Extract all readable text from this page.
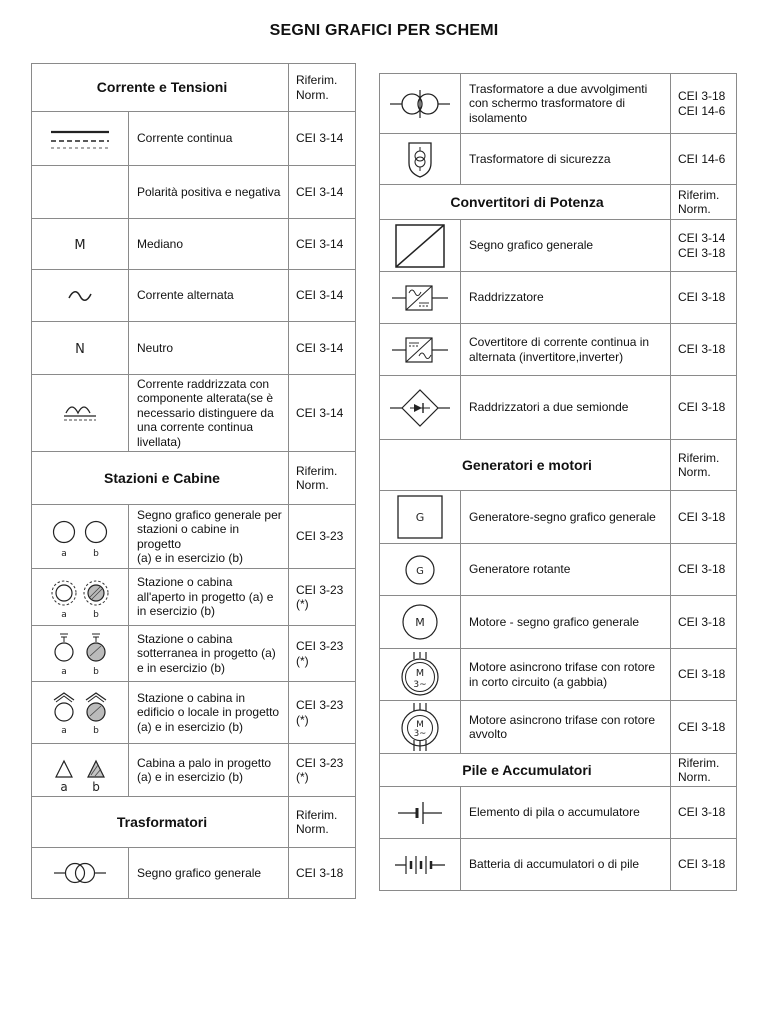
SEGNI GRAFICI PER SCHEMI
Corrente e Tensioni		Riferim.
Norm.

	Corrente continua	CEI 3-14
	Polarità positiva e negativa	CEI 3-14

M	Mediano	CEI 3-14

	Corrente alternata	CEI 3-14

N	Neutro	CEI 3-14

	Corrente raddrizzata con componente alterata(se è necessario distinguere da una corrente continua livellata)	CEI 3-14
Stazioni e Cabine		Riferim.
Norm.

a b	Segno grafico generale per stazioni o cabine in progetto
(a) e in esercizio (b)	CEI 3-23

a b	Stazione o cabina all'aperto in progetto (a) e in esercizio (b)	CEI 3-23
(*)

a b	Stazione o cabina sotterranea in progetto (a) e in esercizio (b)	CEI 3-23
(*)

a b	Stazione o cabina in edificio o locale in progetto (a) e in esercizio (b)	CEI 3-23
(*)

a b	Cabina a palo in progetto (a) e in esercizio (b)	CEI 3-23
(*)
Trasformatori		Riferim.
Norm.

	Segno grafico generale	CEI 3-18
	Trasformatore a due avvolgimenti con schermo trasformatore di isolamento	CEI 3-18
CEI 14-6

	Trasformatore di sicurezza	CEI 14-6
Convertitori di Potenza		Riferim.
Norm.

	Segno grafico generale	CEI 3-14
CEI 3-18

	Raddrizzatore	CEI 3-18

	Covertitore di corrente continua in alternata (invertitore,inverter)	CEI 3-18

	Raddrizzatori a due semionde	CEI 3-18
Generatori e motori		Riferim.
Norm.

G	Generatore-segno grafico generale	CEI 3-18

G	Generatore rotante	CEI 3-18

M	Motore - segno grafico generale	CEI 3-18

M
3~	Motore asincrono trifase con rotore in corto circuito (a gabbia)	CEI 3-18

M
3~	Motore asincrono trifase con rotore avvolto	CEI 3-18
Pile e Accumulatori		Riferim.
Norm.

	Elemento di pila o accumulatore	CEI 3-18

	Batteria di accumulatori o di pile	CEI 3-18
